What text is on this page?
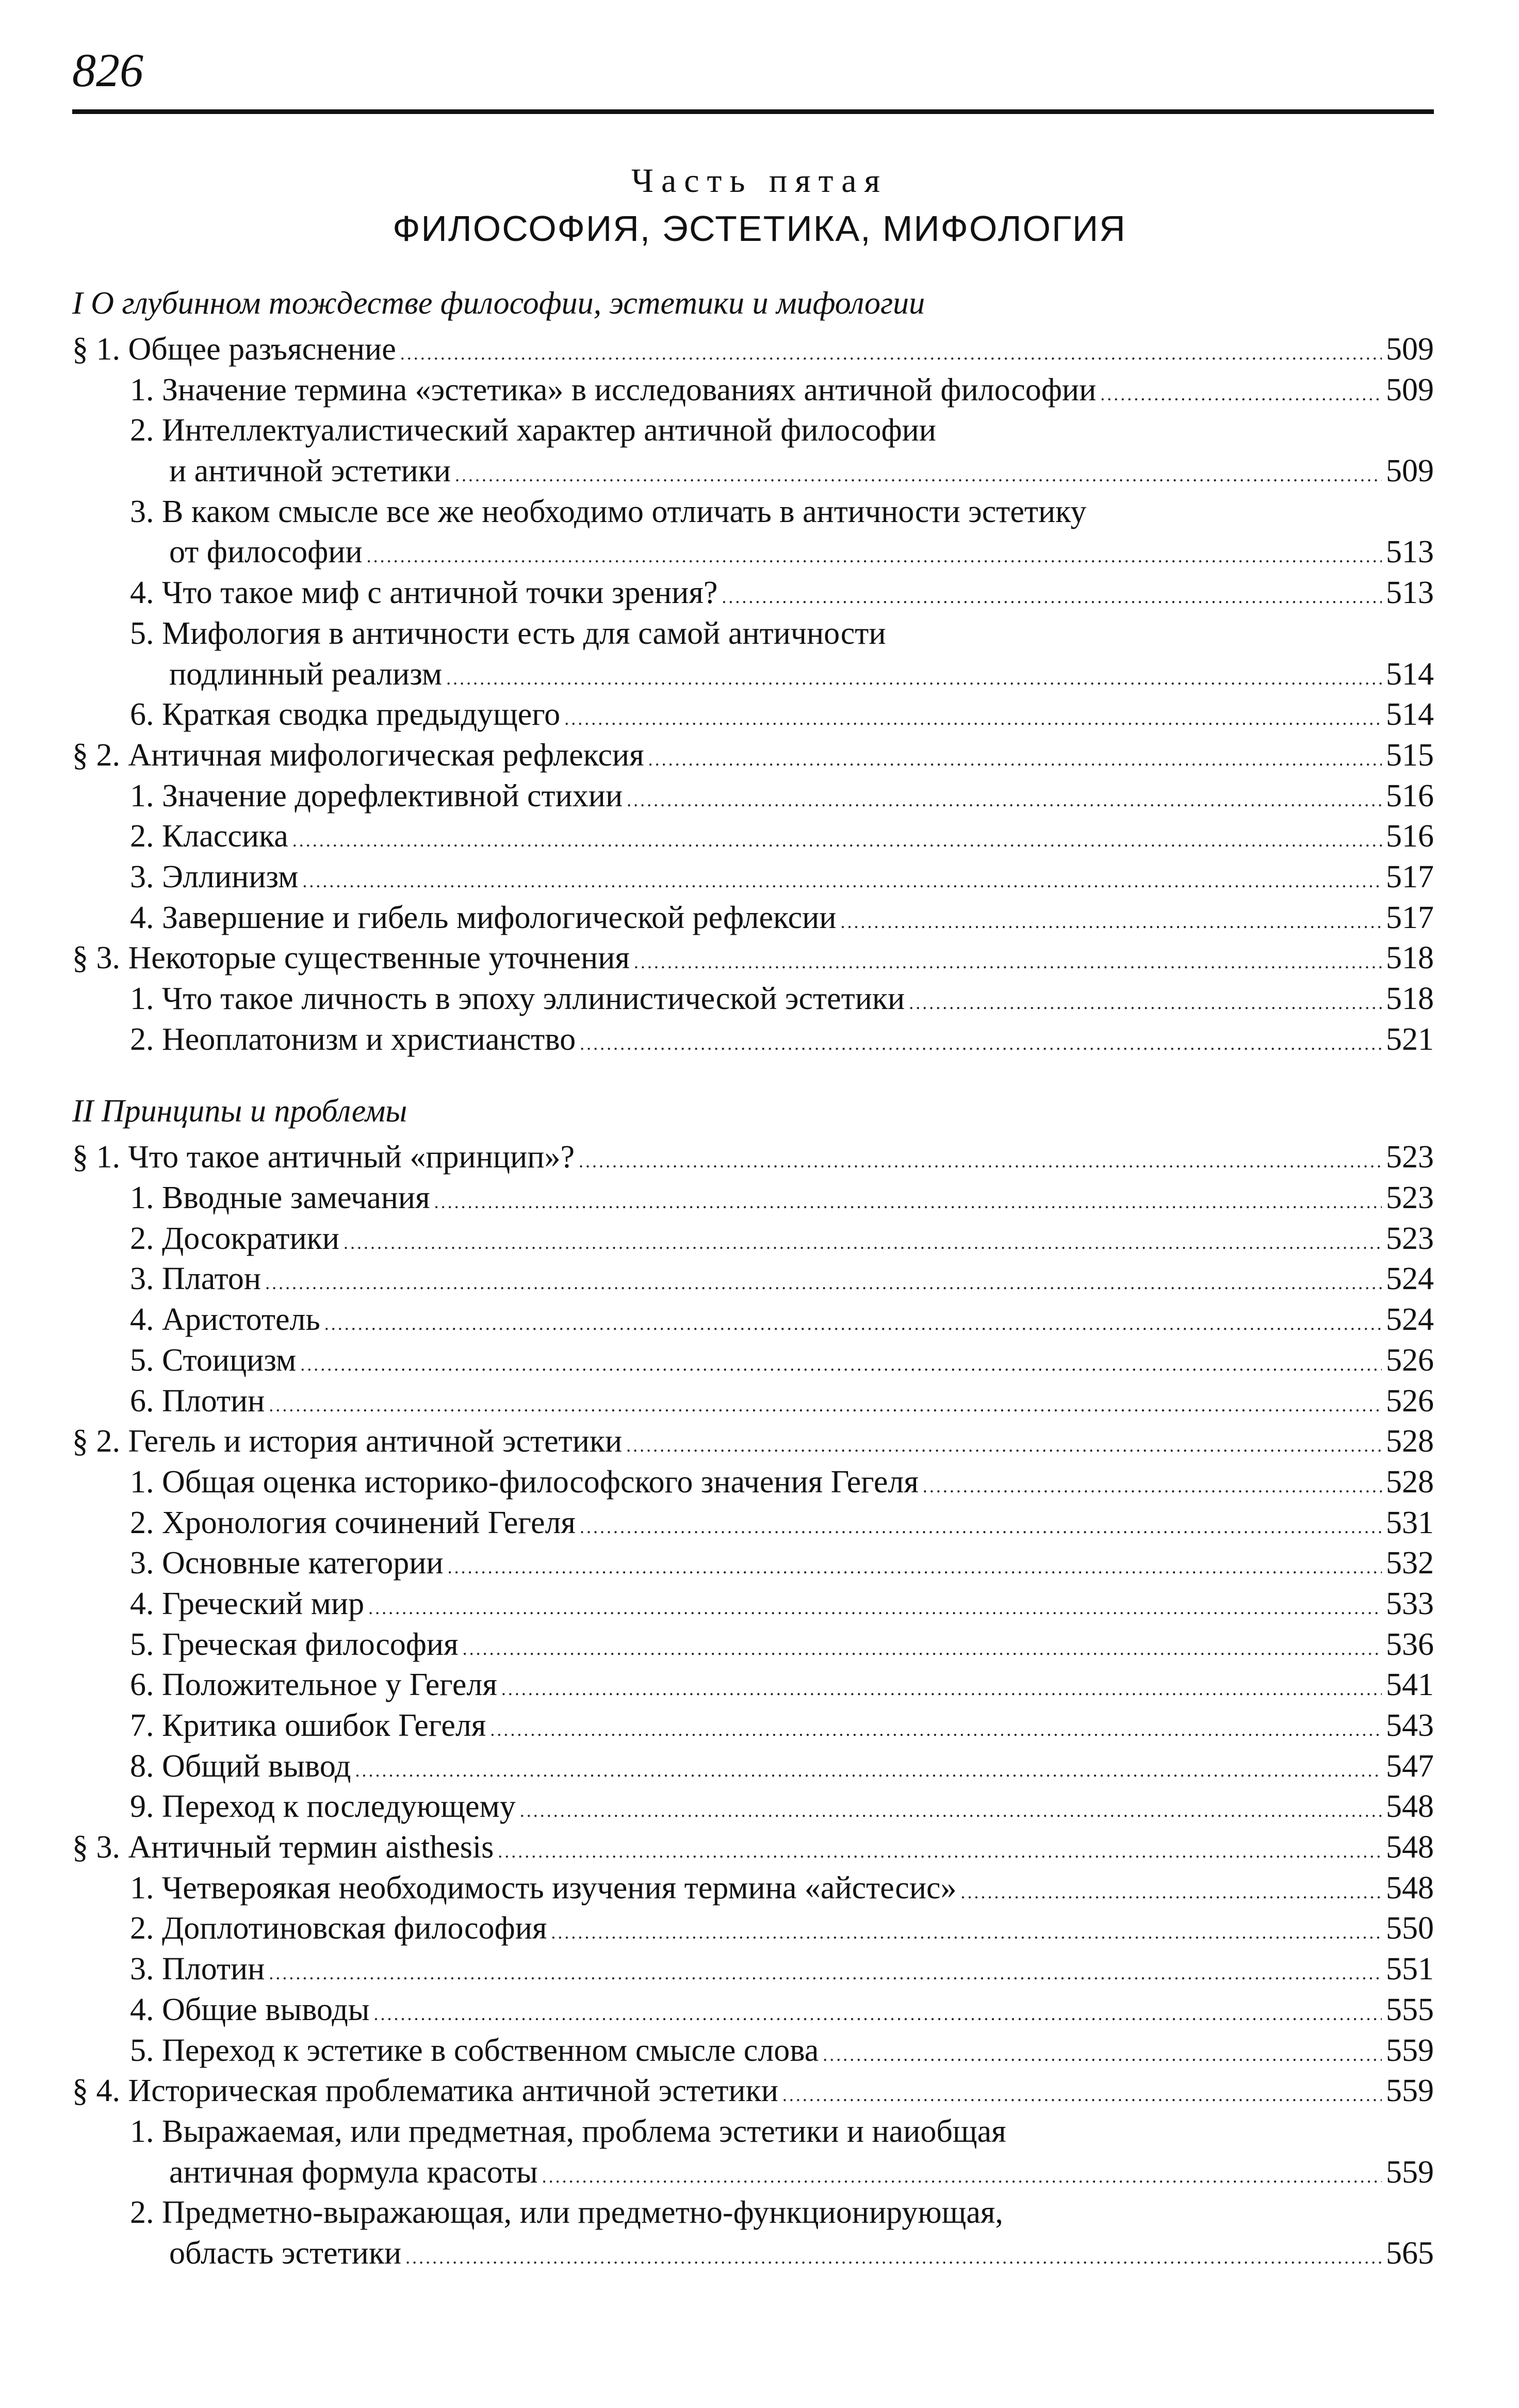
826
Часть пятая
ФИЛОСОФИЯ, ЭСТЕТИКА, МИФОЛОГИЯ
I О глубинном тождестве философии, эстетики и мифологии
§ 1. Общее разъяснение .....	509
1. Значение термина «эстетика» в исследованиях античной философии .....	509
2. Интеллектуалистический характер античной философии
и античной эстетики .....	509
3. В каком смысле все же необходимо отличать в античности эстетику
от философии .....	513
4. Что такое миф с античной точки зрения? .....	513
5. Мифология в античности есть для самой античности
подлинный реализм .....	514
6. Краткая сводка предыдущего .....	514
§ 2. Античная мифологическая рефлексия .....	515
1. Значение дорефлективной стихии .....	516
2. Классика .....	516
3. Эллинизм .....	517
4. Завершение и гибель мифологической рефлексии .....	517
§ 3. Некоторые существенные уточнения .....	518
1. Что такое личность в эпоху эллинистической эстетики .....	518
2. Неоплатонизм и христианство .....	521
II Принципы и проблемы
§ 1. Что такое античный «принцип»? .....	523
1. Вводные замечания .....	523
2. Досократики .....	523
3. Платон .....	524
4. Аристотель .....	524
5. Стоицизм .....	526
6. Плотин .....	526
§ 2. Гегель и история античной эстетики .....	528
1. Общая оценка историко-философского значения Гегеля .....	528
2. Хронология сочинений Гегеля .....	531
3. Основные категории .....	532
4. Греческий мир .....	533
5. Греческая философия .....	536
6. Положительное у Гегеля .....	541
7. Критика ошибок Гегеля .....	543
8. Общий вывод .....	547
9. Переход к последующему .....	548
§ 3. Античный термин aisthesis .....	548
1. Четверoякая необходимость изучения термина «айстесис» .....	548
2. Доплотиновская философия .....	550
3. Плотин .....	551
4. Общие выводы .....	555
5. Переход к эстетике в собственном смысле слова .....	559
§ 4. Историческая проблематика античной эстетики .....	559
1. Выражаемая, или предметная, проблема эстетики и наиобщая
античная формула красоты .....	559
2. Предметно-выражающая, или предметно-функционирующая,
область эстетики .....	565
